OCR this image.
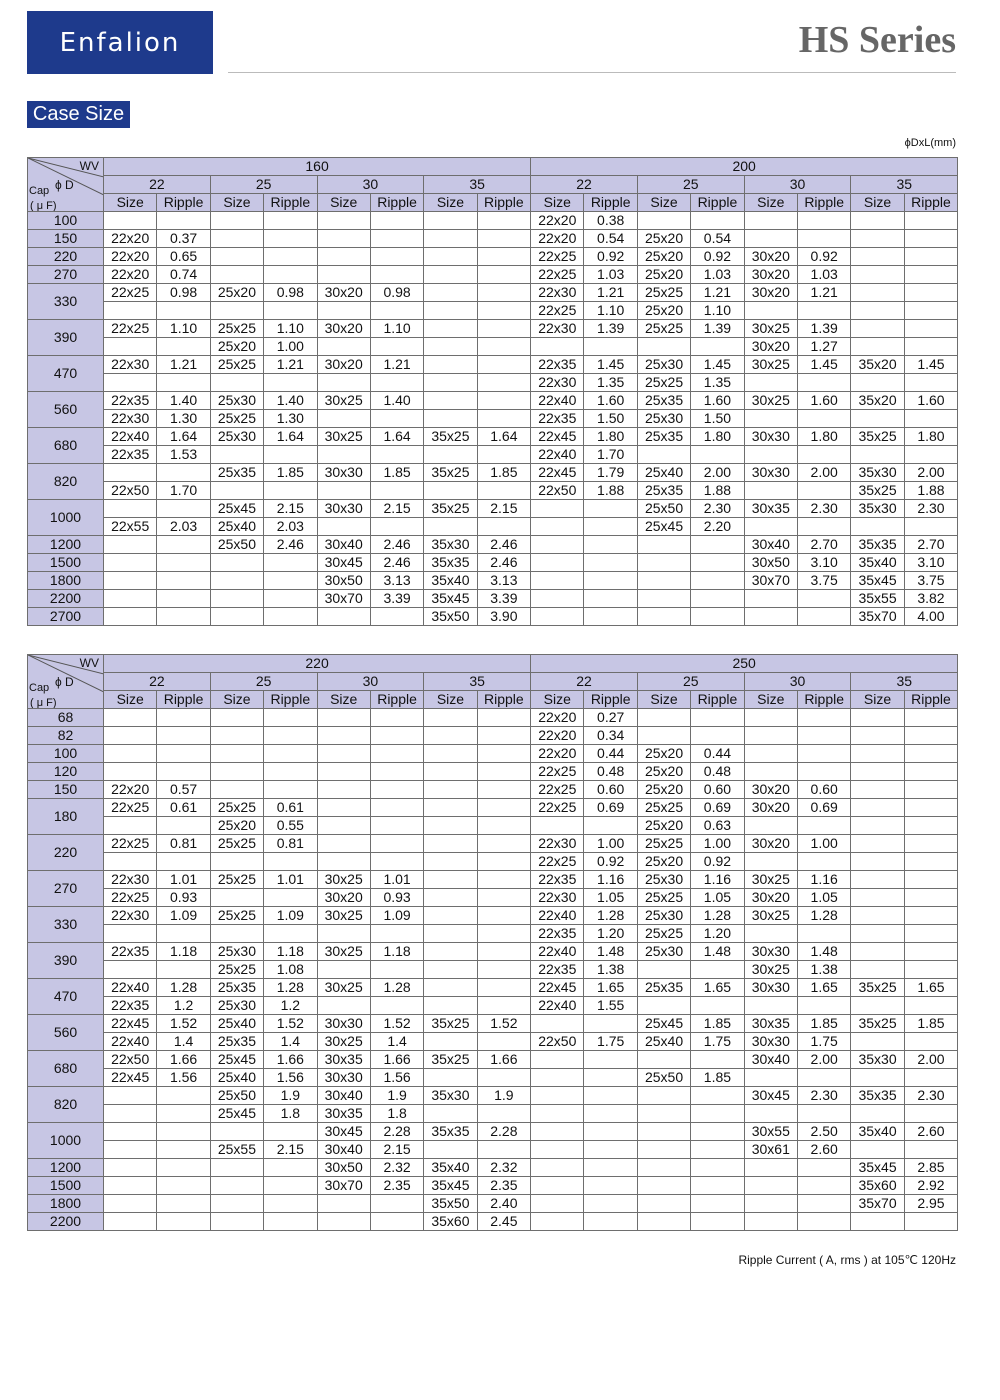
Enfalion	HS Series
Case Size
ϕDxL(mm)
WV
ϕ D
Cap
( μ F)	160								200							
	22		25		30		35		22		25		30		35	
	Size	Ripple	Size	Ripple	Size	Ripple	Size	Ripple	Size	Ripple	Size	Ripple	Size	Ripple	Size	Ripple
100									22x20	0.38						
150	22x20	0.37							22x20	0.54	25x20	0.54				
220	22x20	0.65							22x25	0.92	25x20	0.92	30x20	0.92		
270	22x20	0.74							22x25	1.03	25x20	1.03	30x20	1.03		
330	22x25	0.98	25x20	0.98	30x20	0.98			22x30	1.21	25x25	1.21	30x20	1.21		
									22x25	1.10	25x20	1.10				
390	22x25	1.10	25x25	1.10	30x20	1.10			22x30	1.39	25x25	1.39	30x25	1.39		
			25x20	1.00									30x20	1.27		
470	22x30	1.21	25x25	1.21	30x20	1.21			22x35	1.45	25x30	1.45	30x25	1.45	35x20	1.45
									22x30	1.35	25x25	1.35				
560	22x35	1.40	25x30	1.40	30x25	1.40			22x40	1.60	25x35	1.60	30x25	1.60	35x20	1.60
	22x30	1.30	25x25	1.30					22x35	1.50	25x30	1.50				
680	22x40	1.64	25x30	1.64	30x25	1.64	35x25	1.64	22x45	1.80	25x35	1.80	30x30	1.80	35x25	1.80
	22x35	1.53							22x40	1.70						
820			25x35	1.85	30x30	1.85	35x25	1.85	22x45	1.79	25x40	2.00	30x30	2.00	35x30	2.00
	22x50	1.70							22x50	1.88	25x35	1.88			35x25	1.88
1000			25x45	2.15	30x30	2.15	35x25	2.15			25x50	2.30	30x35	2.30	35x30	2.30
	22x55	2.03	25x40	2.03							25x45	2.20				
1200			25x50	2.46	30x40	2.46	35x30	2.46					30x40	2.70	35x35	2.70
1500					30x45	2.46	35x35	2.46					30x50	3.10	35x40	3.10
1800					30x50	3.13	35x40	3.13					30x70	3.75	35x45	3.75
2200					30x70	3.39	35x45	3.39							35x55	3.82
2700							35x50	3.90							35x70	4.00
WV
ϕ D
Cap
( μ F)	220								250							
	22		25		30		35		22		25		30		35	
	Size	Ripple	Size	Ripple	Size	Ripple	Size	Ripple	Size	Ripple	Size	Ripple	Size	Ripple	Size	Ripple
68									22x20	0.27						
82									22x20	0.34						
100									22x20	0.44	25x20	0.44				
120									22x25	0.48	25x20	0.48				
150	22x20	0.57							22x25	0.60	25x20	0.60	30x20	0.60		
180	22x25	0.61	25x25	0.61					22x25	0.69	25x25	0.69	30x20	0.69		
			25x20	0.55							25x20	0.63				
220	22x25	0.81	25x25	0.81					22x30	1.00	25x25	1.00	30x20	1.00		
									22x25	0.92	25x20	0.92				
270	22x30	1.01	25x25	1.01	30x25	1.01			22x35	1.16	25x30	1.16	30x25	1.16		
	22x25	0.93			30x20	0.93			22x30	1.05	25x25	1.05	30x20	1.05		
330	22x30	1.09	25x25	1.09	30x25	1.09			22x40	1.28	25x30	1.28	30x25	1.28		
									22x35	1.20	25x25	1.20				
390	22x35	1.18	25x30	1.18	30x25	1.18			22x40	1.48	25x30	1.48	30x30	1.48		
			25x25	1.08					22x35	1.38			30x25	1.38		
470	22x40	1.28	25x35	1.28	30x25	1.28			22x45	1.65	25x35	1.65	30x30	1.65	35x25	1.65
	22x35	1.2	25x30	1.2					22x40	1.55						
560	22x45	1.52	25x40	1.52	30x30	1.52	35x25	1.52			25x45	1.85	30x35	1.85	35x25	1.85
	22x40	1.4	25x35	1.4	30x25	1.4			22x50	1.75	25x40	1.75	30x30	1.75		
680	22x50	1.66	25x45	1.66	30x35	1.66	35x25	1.66					30x40	2.00	35x30	2.00
	22x45	1.56	25x40	1.56	30x30	1.56					25x50	1.85				
820			25x50	1.9	30x40	1.9	35x30	1.9					30x45	2.30	35x35	2.30
			25x45	1.8	30x35	1.8										
1000					30x45	2.28	35x35	2.28					30x55	2.50	35x40	2.60
			25x55	2.15	30x40	2.15							30x61	2.60		
1200					30x50	2.32	35x40	2.32							35x45	2.85
1500					30x70	2.35	35x45	2.35							35x60	2.92
1800							35x50	2.40							35x70	2.95
2200							35x60	2.45								
Ripple Current ( A, rms ) at 105℃ 120Hz
